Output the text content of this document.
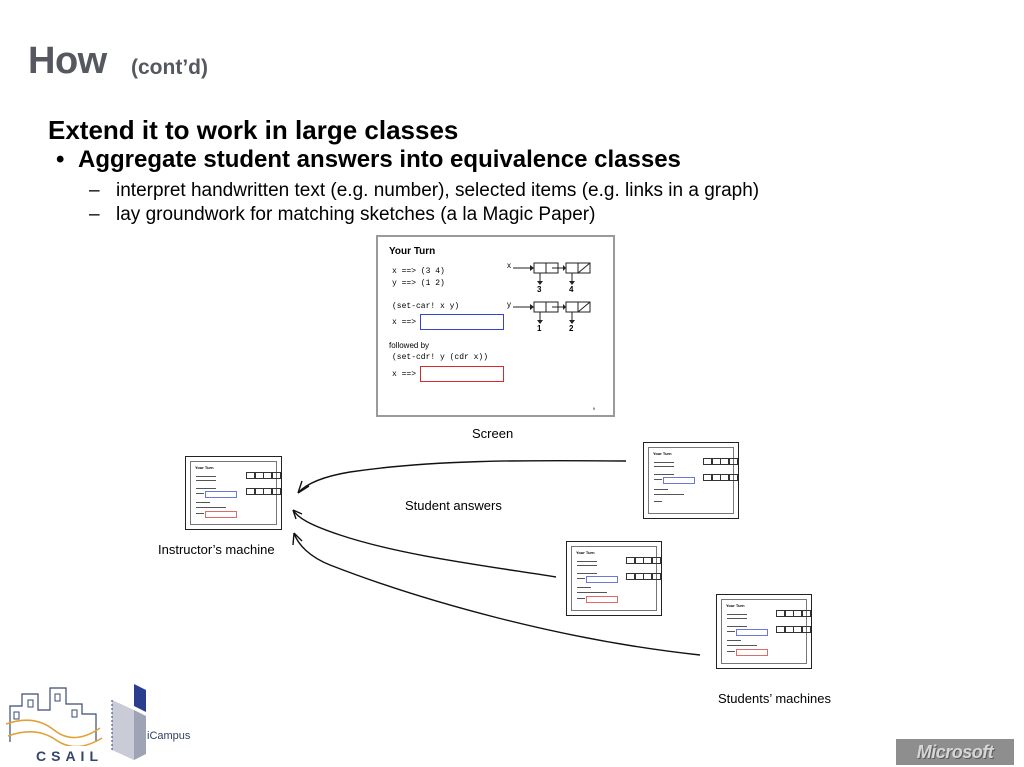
How (cont’d)
Extend it to work in large classes
• Aggregate student answers into equivalence classes
– interpret handwritten text (e.g. number), selected items (e.g. links in a graph)
– lay groundwork for matching sketches (a la Magic Paper)
Your Turn
x ==> (3 4)
y ==> (1 2)
(set-car! x y)
x ==>
followed by
(set-cdr! y (cdr x))
x ==>
x
y
3	4
1	2
9
Screen
Your Turn
Instructor’s machine
Your Turn
Student answers
Your Turn
Your Turn
Students’ machines
CSAIL
iCampus
Microsoft
